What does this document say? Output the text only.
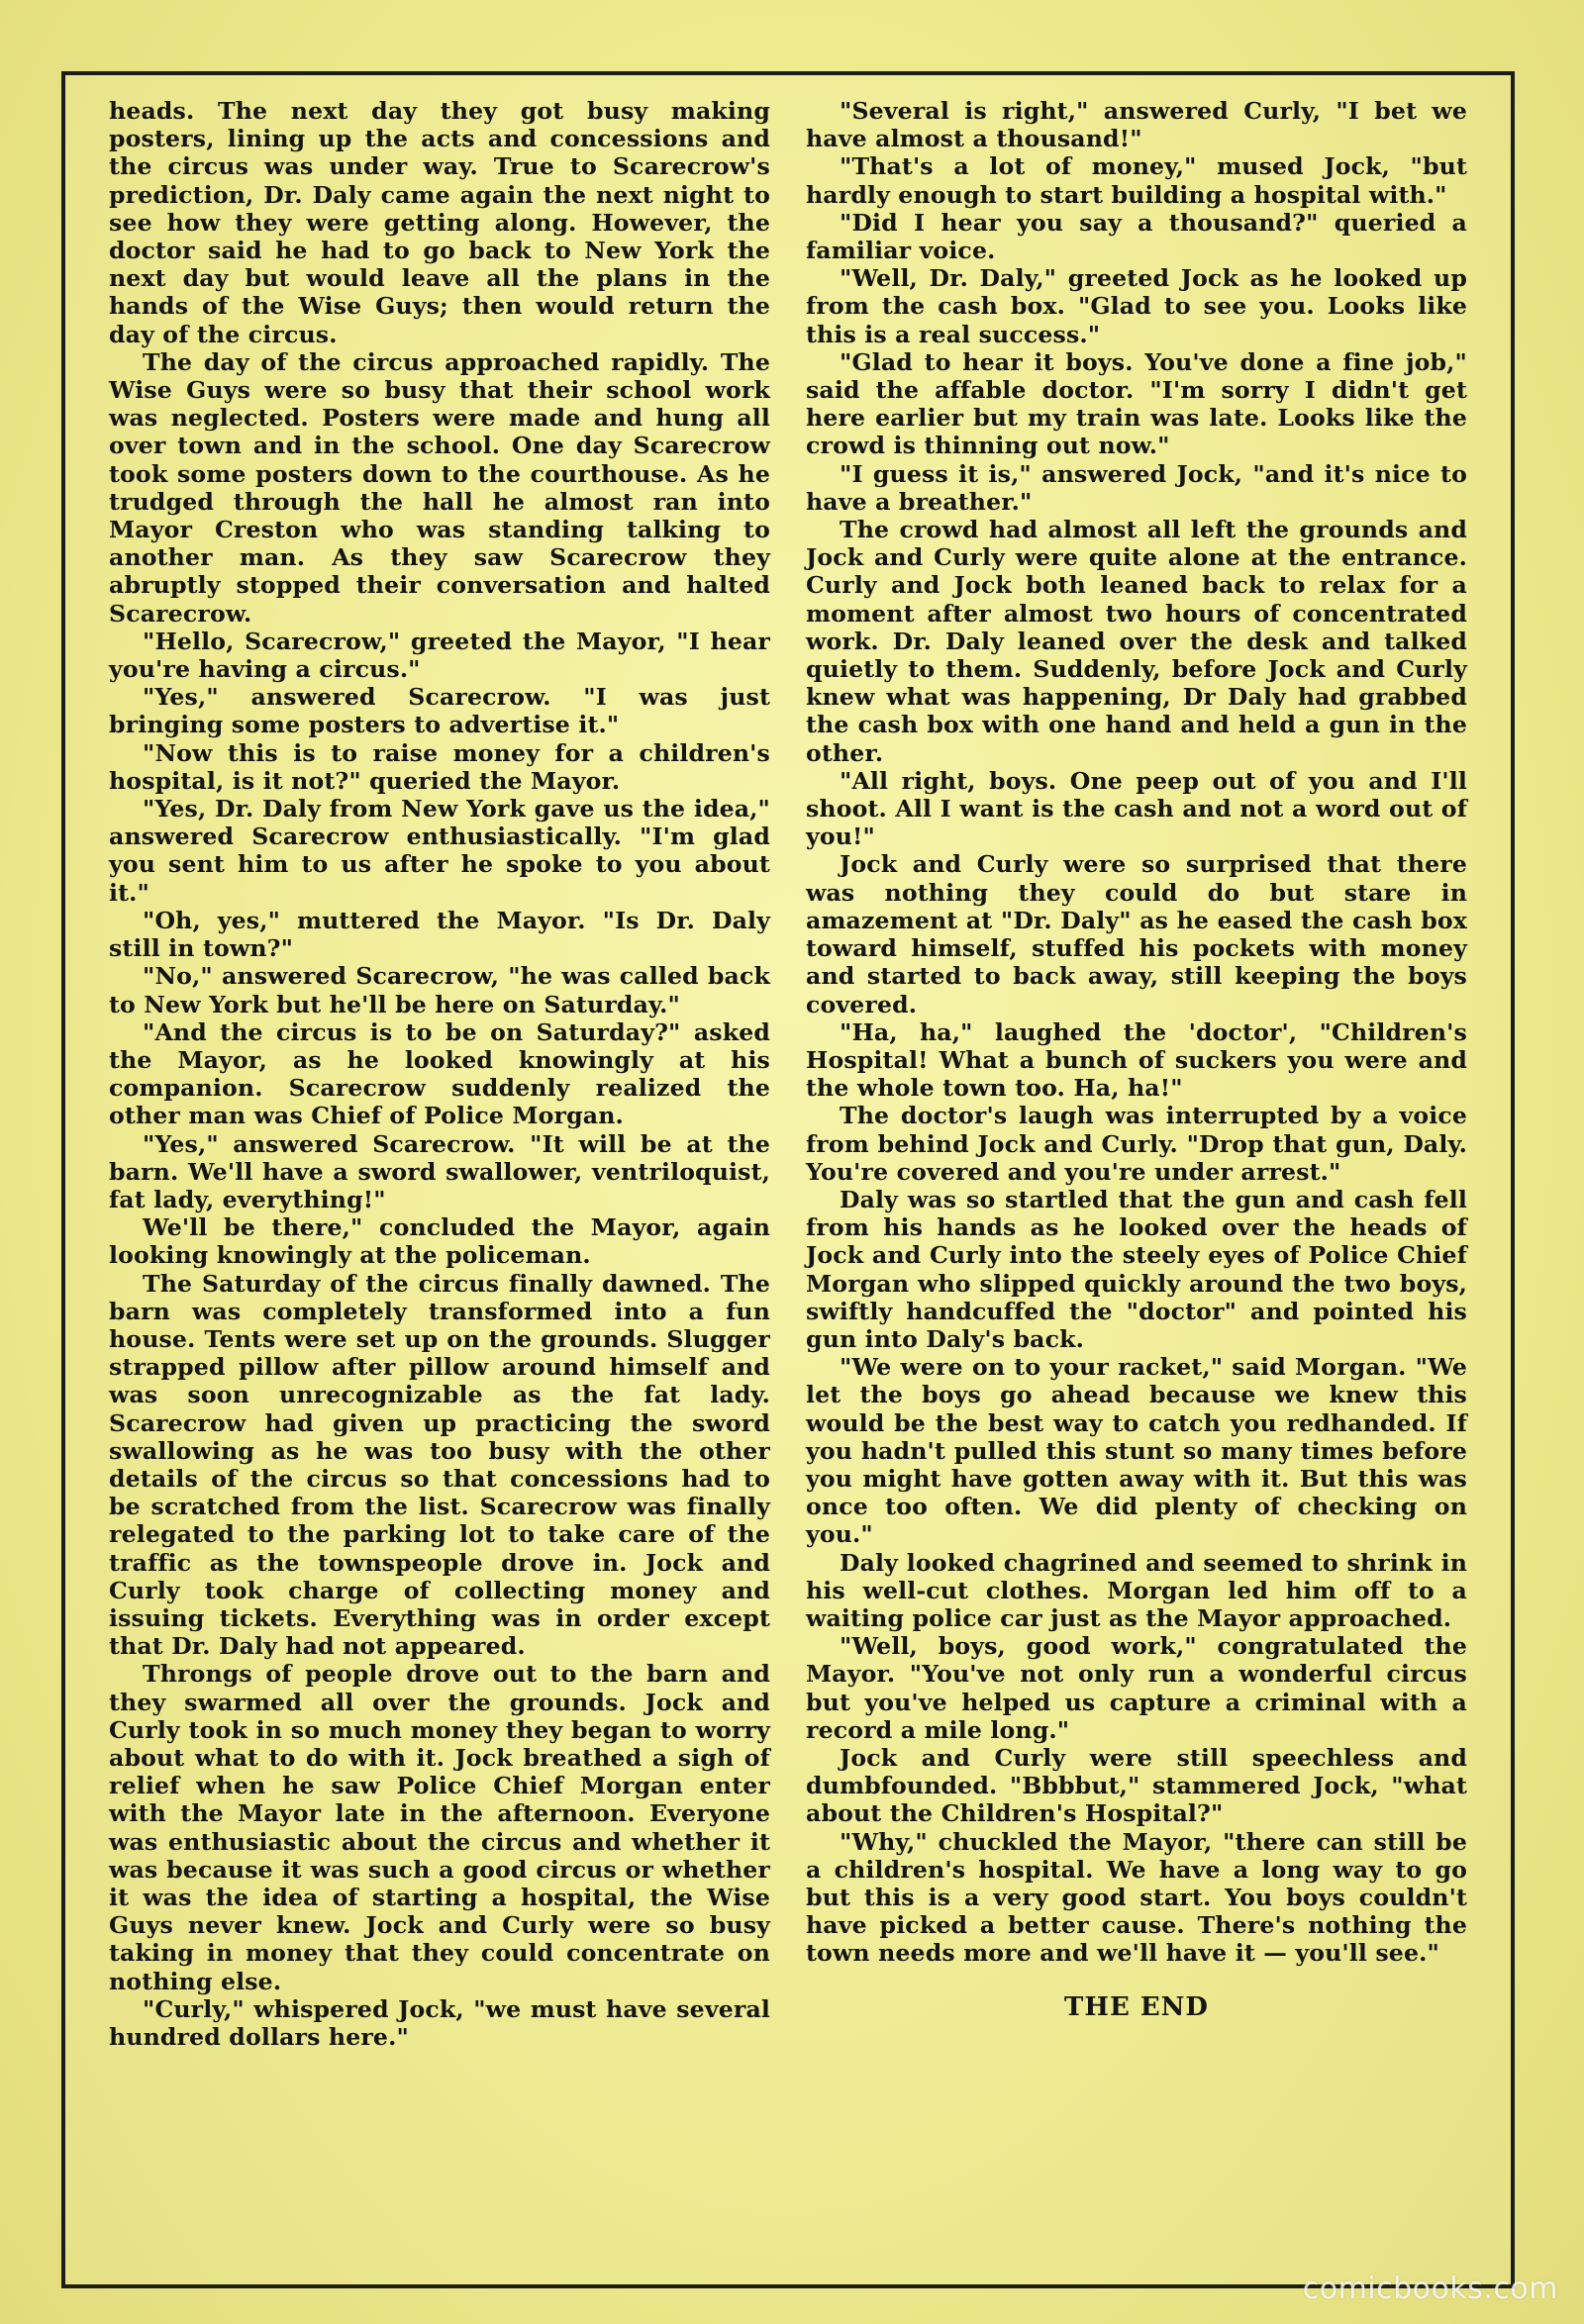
heads. The next day they got busy making posters, lining up the acts and concessions and the circus was under way. True to Scarecrow's prediction, Dr. Daly came again the next night to see how they were getting along. However, the doctor said he had to go back to New York the next day but would leave all the plans in the hands of the Wise Guys; then would return the day of the circus.

The day of the circus approached rapidly. The Wise Guys were so busy that their school work was neglected. Posters were made and hung all over town and in the school. One day Scarecrow took some posters down to the courthouse. As he trudged through the hall he almost ran into Mayor Creston who was standing talking to another man. As they saw Scarecrow they abruptly stopped their conversation and halted Scarecrow.

"Hello, Scarecrow," greeted the Mayor, "I hear you're having a circus."

"Yes," answered Scarecrow. "I was just bringing some posters to advertise it."

"Now this is to raise money for a children's hospital, is it not?" queried the Mayor.

"Yes, Dr. Daly from New York gave us the idea," answered Scarecrow enthusiastically. "I'm glad you sent him to us after he spoke to you about it."

"Oh, yes," muttered the Mayor. "Is Dr. Daly still in town?"

"No," answered Scarecrow, "he was called back to New York but he'll be here on Saturday."

"And the circus is to be on Saturday?" asked the Mayor, as he looked knowingly at his companion. Scarecrow suddenly realized the other man was Chief of Police Morgan.

"Yes," answered Scarecrow. "It will be at the barn. We'll have a sword swallower, ventriloquist, fat lady, everything!"

We'll be there," concluded the Mayor, again looking knowingly at the policeman.

The Saturday of the circus finally dawned. The barn was completely transformed into a fun house. Tents were set up on the grounds. Slugger strapped pillow after pillow around himself and was soon unrecognizable as the fat lady. Scarecrow had given up practicing the sword swallowing as he was too busy with the other details of the circus so that concessions had to be scratched from the list. Scarecrow was finally relegated to the parking lot to take care of the traffic as the townspeople drove in. Jock and Curly took charge of collecting money and issuing tickets. Everything was in order except that Dr. Daly had not appeared.

Throngs of people drove out to the barn and they swarmed all over the grounds. Jock and Curly took in so much money they began to worry about what to do with it. Jock breathed a sigh of relief when he saw Police Chief Morgan enter with the Mayor late in the afternoon. Everyone was enthusiastic about the circus and whether it was because it was such a good circus or whether it was the idea of starting a hospital, the Wise Guys never knew. Jock and Curly were so busy taking in money that they could concentrate on nothing else.

"Curly," whispered Jock, "we must have several hundred dollars here."

"Several is right," answered Curly, "I bet we have almost a thousand!"

"That's a lot of money," mused Jock, "but hardly enough to start building a hospital with."

"Did I hear you say a thousand?" queried a familiar voice.

"Well, Dr. Daly," greeted Jock as he looked up from the cash box. "Glad to see you. Looks like this is a real success."

"Glad to hear it boys. You've done a fine job," said the affable doctor. "I'm sorry I didn't get here earlier but my train was late. Looks like the crowd is thinning out now."

"I guess it is," answered Jock, "and it's nice to have a breather."

The crowd had almost all left the grounds and Jock and Curly were quite alone at the entrance. Curly and Jock both leaned back to relax for a moment after almost two hours of concentrated work. Dr. Daly leaned over the desk and talked quietly to them. Suddenly, before Jock and Curly knew what was happening, Dr Daly had grabbed the cash box with one hand and held a gun in the other.

"All right, boys. One peep out of you and I'll shoot. All I want is the cash and not a word out of you!"

Jock and Curly were so surprised that there was nothing they could do but stare in amazement at "Dr. Daly" as he eased the cash box toward himself, stuffed his pockets with money and started to back away, still keeping the boys covered.

"Ha, ha," laughed the 'doctor', "Children's Hospital! What a bunch of suckers you were and the whole town too. Ha, ha!"

The doctor's laugh was interrupted by a voice from behind Jock and Curly. "Drop that gun, Daly. You're covered and you're under arrest."

Daly was so startled that the gun and cash fell from his hands as he looked over the heads of Jock and Curly into the steely eyes of Police Chief Morgan who slipped quickly around the two boys, swiftly handcuffed the "doctor" and pointed his gun into Daly's back.

"We were on to your racket," said Morgan. "We let the boys go ahead because we knew this would be the best way to catch you redhanded. If you hadn't pulled this stunt so many times before you might have gotten away with it. But this was once too often. We did plenty of checking on you."

Daly looked chagrined and seemed to shrink in his well-cut clothes. Morgan led him off to a waiting police car just as the Mayor approached.

"Well, boys, good work," congratulated the Mayor. "You've not only run a wonderful circus but you've helped us capture a criminal with a record a mile long."

Jock and Curly were still speechless and dumbfounded. "Bbbbut," stammered Jock, "what about the Children's Hospital?"

"Why," chuckled the Mayor, "there can still be a children's hospital. We have a long way to go but this is a very good start. You boys couldn't have picked a better cause. There's nothing the town needs more and we'll have it — you'll see."

THE END
comicbooks.com
